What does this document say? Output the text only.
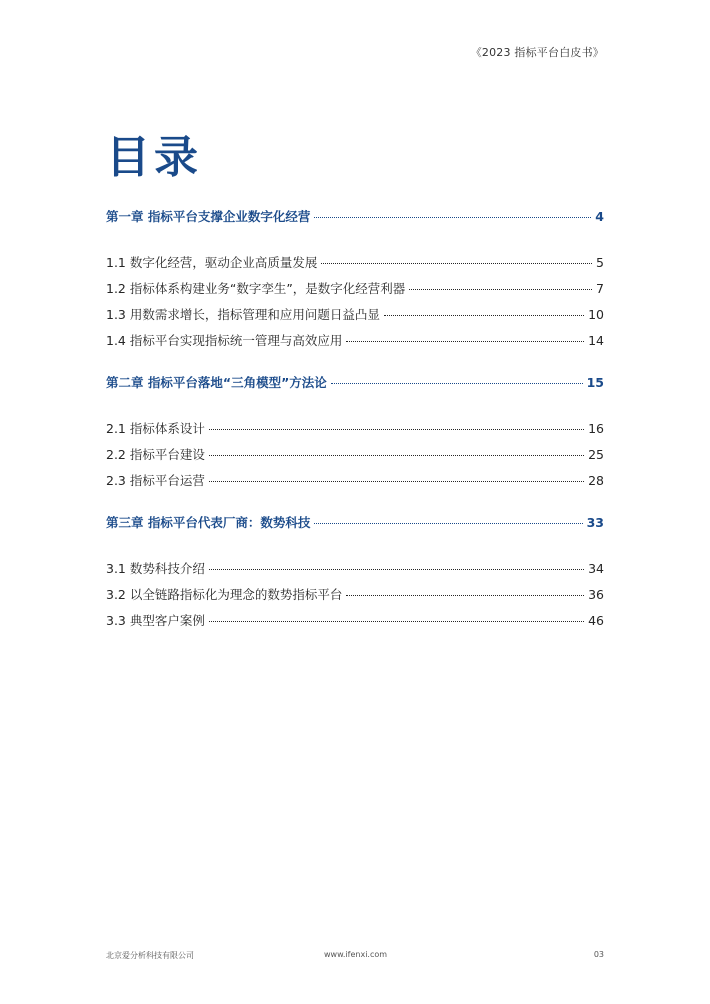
《2023 指标平台白皮书》
目录
第一章 指标平台支撑企业数字化经营	4
1.1 数字化经营，驱动企业高质量发展	5
1.2 指标体系构建业务“数字孪生”，是数字化经营利器	7
1.3 用数需求增长，指标管理和应用问题日益凸显	10
1.4 指标平台实现指标统一管理与高效应用	14
第二章 指标平台落地“三角模型”方法论	15
2.1 指标体系设计	16
2.2 指标平台建设	25
2.3 指标平台运营	28
第三章 指标平台代表厂商：数势科技	33
3.1 数势科技介绍	34
3.2 以全链路指标化为理念的数势指标平台	36
3.3 典型客户案例	46
北京爱分析科技有限公司	www.ifenxi.com	03
